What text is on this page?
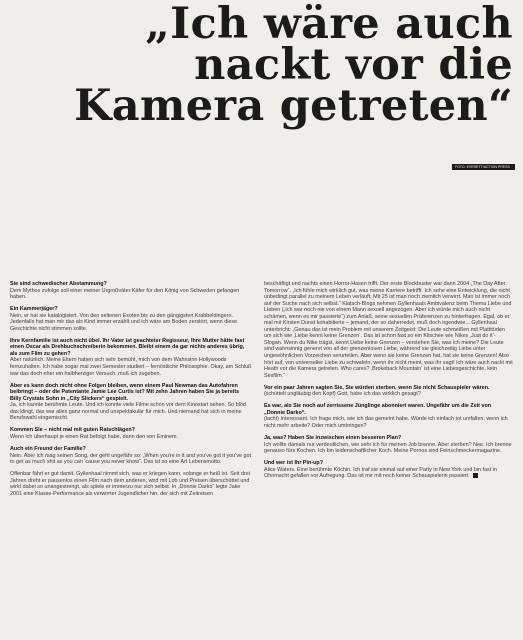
„Ich wäre auch
nackt vor die
Kamera getreten“
FOTO: EVERETT/ACTION PRESS

Sie sind schwedischer Abstammung?

Dem Mythos zufolge soll einer meiner Urgroßväter Käfer für den König von Schweden gefangen haben.

Ein Kammerjäger?

Nein, er hat sie katalogisiert. Von den seltenen Exoten bis zu den gängigsten Krabbeldingern. Jedenfalls hat man mir das als Kind immer erzählt und ich wäre am Boden zerstört, wenn diese Geschichte nicht stimmen sollte.

Ihre Kernfamilie ist auch nicht übel. Ihr Vater ist geachteter Regisseur, Ihre Mutter hätte fast einen Oscar als Drehbuchschreiberin bekommen. Bleibt einem da gar nichts anderes übrig, als zum Film zu gehen?

Aber natürlich. Meine Eltern haben sich sehr bemüht, mich von dem Wahnsinn Hollywoods fernzuhalten. Ich habe sogar mal zwei Semester studiert – fernöstliche Philosophie. Okay, am Schluß war das doch eher ein halbherziger Versuch, muß ich zugeben.

Aber es kann doch nicht ohne Folgen bleiben, wenn einem Paul Newman das Autofahren beibringt – oder die Patentante Jamie Lee Curtis ist? Mit zehn Jahren haben Sie ja bereits Billy Crystals Sohn in „City Slickers“ gespielt.

Ja, ich kannte berühmte Leute. Und ich konnte viele Filme schon vor dem Kinostart sehen. So blöd das klingt, das war alles ganz normal und unspektakulär für mich. Und niemand hat sich in meine Berufswahl eingemischt.

Kommen Sie – nicht mal mit guten Ratschlägen?

Wenn ich überhaupt je einen Rat befolgt habe, dann den von Eminem.

Auch ein Freund der Familie?

Nein. Aber ich mag seinen Song, der geht ungefähr so: „When you're in it and you've got it you've got to get as much shit as you can 'cause you never know“. Das ist so eine Art Lebensmotto.

Offenbar fährt er gut damit. Gyllenhaal nimmt sich, was er kriegen kann, solange er heiß ist. Seit drei Jahren dreht er pausenlos einen Film nach dem anderen, wird mit Lob und Preisen überschüttet und wirkt dabei so unangestrengt, als spiele er immerzu nur sich selbst. In „Donnie Darko“ legte Jake 2001 eine Klasse-Performance als verwirrter Jugendlicher hin, der sich mit Zeitreisen

beschäftigt und nachts einen Horror-Hasen trifft. Der erste Blockbuster war dann 2004 „The Day After Tomorrow“. „Ich fühle mich wirklich gut, was meine Karriere betrifft. Ich sehe eine Entwicklung, die nicht unbedingt parallel zu meinem Leben verläuft. Mit 25 ist man noch ziemlich verwirrt. Man ist immer noch auf der Suche nach sich selbst.“ Klatsch-Blogs nehmen Gyllenhaals Ambivalenz beim Thema Liebe und Lieben („Ich war noch nie von einem Mann sexuell angezogen. Aber ich würde mich auch nicht schämen, wenn es mir passierte“) zum Anlaß, seine sexuellen Präferenzen zu hinterfragen. Egal, ob er mal mit Kirsten Dunst kohabitierte – jemand, der so daherredet, muß doch irgendwie... Gyllenhaal unterbricht: „Genau das ist mein Problem mit unserem Zeitgeist: Die Leute schmeißen mit Plattitüden um sich wie ‚Liebe kennt keine Grenzen‘. Das ist schon fast so ein Klischee wie Nikes ‚Just do it‘-Slogan. Wenn du Nike trägst, kennt Liebe keine Grenzen – verstehen Sie, was ich meine? Die Leute sind wahnsinnig genervt von all der grenzenlosen Liebe, während sie gleichzeitig Liebe unter ungewöhnlichen Vorzeichen verurteilen. Aber wenn sie keine Grenzen hat, hat sie keine Grenzen! Also hört auf, von universeller Liebe zu schwafeln, wenn ihr nicht meint, was ihr sagt! Ich wäre auch nackt mit Heath vor die Kamera getreten. Who cares? ‚Brokeback Mountain‘ ist eine Liebesgeschichte, kein Sexfilm.“

Vor ein paar Jahren sagten Sie, Sie würden sterben, wenn Sie nicht Schauspieler wären.

(schüttelt ungläubig den Kopf) Gott, habe ich das wirklich gesagt?

Es war, als Sie noch auf zerrissene Jünglinge abonniert waren. Ungefähr um die Zeit von „Donnie Darko“.

(lacht) Interessant. Ich frage mich, wie ich das gemeint habe. Würde ich einfach tot umfallen, wenn ich nicht mehr arbeite? Oder mich umbringen?

Ja, was? Haben Sie inzwischen einen besseren Plan?

Ich wollte damals nur verdeutlichen, wie sehr ich für meinen Job brenne. Aber sterben? Nee. Ich brenne genauso fürs Kochen. Ich bin leidenschaftlicher Koch. Meine Pornos sind Feinschmeckermagazine.

Und wer ist Ihr Pin-up?

Alice Waters. Eine berühmte Köchin. Ich traf sie einmal auf einer Party in New York und bin fast in Ohnmacht gefallen vor Aufregung. Das ist mir mit noch keiner Schauspielerin passiert.
